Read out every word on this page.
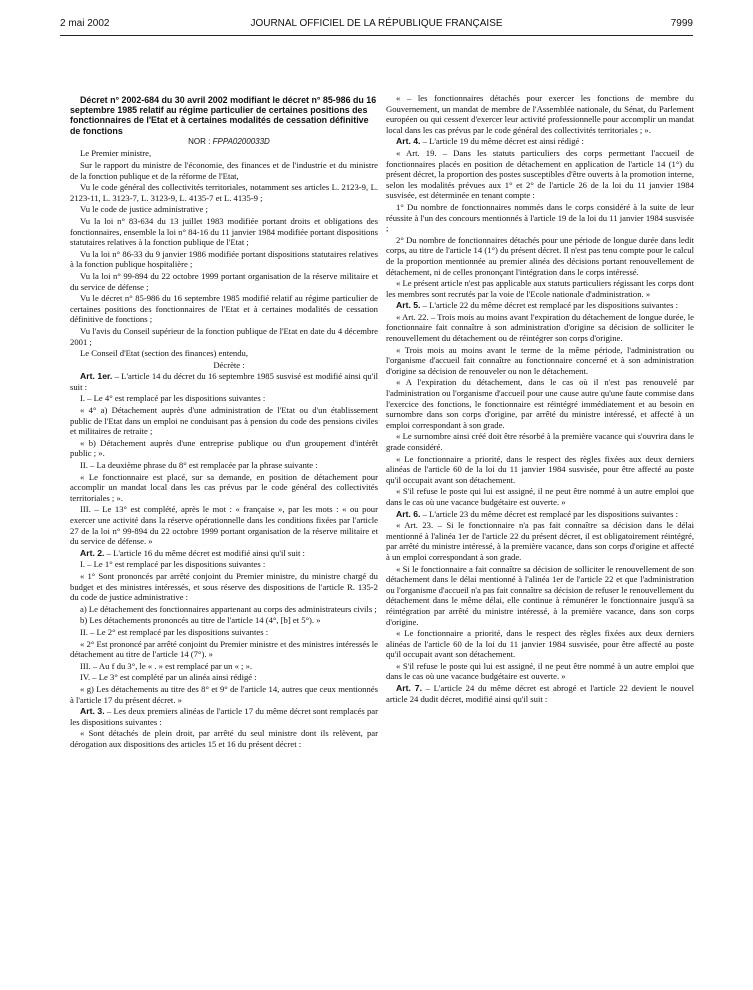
2 mai 2002	JOURNAL OFFICIEL DE LA RÉPUBLIQUE FRANÇAISE	7999

Décret n° 2002-684 du 30 avril 2002 modifiant le décret n° 85-986 du 16 septembre 1985 relatif au régime particulier de certaines positions des fonctionnaires de l'Etat et à certaines modalités de cessation définitive de fonctions

NOR : FPPA0200033D

Le Premier ministre,

Sur le rapport du ministre de l'économie, des finances et de l'industrie et du ministre de la fonction publique et de la réforme de l'Etat,

Vu le code général des collectivités territoriales, notamment ses articles L. 2123-9, L. 2123-11, L. 3123-7, L. 3123-9, L. 4135-7 et L. 4135-9 ;

Vu le code de justice administrative ;

Vu la loi n° 83-634 du 13 juillet 1983 modifiée portant droits et obligations des fonctionnaires, ensemble la loi n° 84-16 du 11 janvier 1984 modifiée portant dispositions statutaires relatives à la fonction publique de l'Etat ;

Vu la loi n° 86-33 du 9 janvier 1986 modifiée portant dispositions statutaires relatives à la fonction publique hospitalière ;

Vu la loi n° 99-894 du 22 octobre 1999 portant organisation de la réserve militaire et du service de défense ;

Vu le décret n° 85-986 du 16 septembre 1985 modifié relatif au régime particulier de certaines positions des fonctionnaires de l'Etat et à certaines modalités de cessation définitive de fonctions ;

Vu l'avis du Conseil supérieur de la fonction publique de l'Etat en date du 4 décembre 2001 ;

Le Conseil d'Etat (section des finances) entendu,

Décrète :

Art. 1er. – L'article 14 du décret du 16 septembre 1985 susvisé est modifié ainsi qu'il suit :

I. – Le 4° est remplacé par les dispositions suivantes :

« 4° a) Détachement auprès d'une administration de l'Etat ou d'un établissement public de l'Etat dans un emploi ne conduisant pas à pension du code des pensions civiles et militaires de retraite ;

« b) Détachement auprès d'une entreprise publique ou d'un groupement d'intérêt public ; ».

II. – La deuxième phrase du 8° est remplacée par la phrase suivante :

« Le fonctionnaire est placé, sur sa demande, en position de détachement pour accomplir un mandat local dans les cas prévus par le code général des collectivités territoriales ; ».

III. – Le 13° est complété, après le mot : « française », par les mots : « ou pour exercer une activité dans la réserve opérationnelle dans les conditions fixées par l'article 27 de la loi n° 99-894 du 22 octobre 1999 portant organisation de la réserve militaire et du service de défense. »

Art. 2. – L'article 16 du même décret est modifié ainsi qu'il suit :

I. – Le 1° est remplacé par les dispositions suivantes :

« 1° Sont prononcés par arrêté conjoint du Premier ministre, du ministre chargé du budget et des ministres intéressés, et sous réserve des dispositions de l'article R. 135-2 du code de justice administrative :

a) Le détachement des fonctionnaires appartenant au corps des administrateurs civils ;

b) Les détachements prononcés au titre de l'article 14 (4°, [b] et 5°). »

II. – Le 2° est remplacé par les dispositions suivantes :

« 2° Est prononcé par arrêté conjoint du Premier ministre et des ministres intéressés le détachement au titre de l'article 14 (7°). »

III. – Au f du 3°, le « . » est remplacé par un « ; ».

IV. – Le 3° est complété par un alinéa ainsi rédigé :

« g) Les détachements au titre des 8° et 9° de l'article 14, autres que ceux mentionnés à l'article 17 du présent décret. »

Art. 3. – Les deux premiers alinéas de l'article 17 du même décret sont remplacés par les dispositions suivantes :

« Sont détachés de plein droit, par arrêté du seul ministre dont ils relèvent, par dérogation aux dispositions des articles 15 et 16 du présent décret :

« – les fonctionnaires détachés pour exercer les fonctions de membre du Gouvernement, un mandat de membre de l'Assemblée nationale, du Sénat, du Parlement européen ou qui cessent d'exercer leur activité professionnelle pour accomplir un mandat local dans les cas prévus par le code général des collectivités territoriales ; ».

Art. 4. – L'article 19 du même décret est ainsi rédigé :

« Art. 19. – Dans les statuts particuliers des corps permettant l'accueil de fonctionnaires placés en position de détachement en application de l'article 14 (1°) du présent décret, la proportion des postes susceptibles d'être ouverts à la promotion interne, selon les modalités prévues aux 1° et 2° de l'article 26 de la loi du 11 janvier 1984 susvisée, est déterminée en tenant compte :

1° Du nombre de fonctionnaires nommés dans le corps considéré à la suite de leur réussite à l'un des concours mentionnés à l'article 19 de la loi du 11 janvier 1984 susvisée ;

2° Du nombre de fonctionnaires détachés pour une période de longue durée dans ledit corps, au titre de l'article 14 (1°) du présent décret. Il n'est pas tenu compte pour le calcul de la proportion mentionnée au premier alinéa des décisions portant renouvellement de détachement, ni de celles prononçant l'intégration dans le corps intéressé.

« Le présent article n'est pas applicable aux statuts particuliers régissant les corps dont les membres sont recrutés par la voie de l'Ecole nationale d'administration. »

Art. 5. – L'article 22 du même décret est remplacé par les dispositions suivantes :

« Art. 22. – Trois mois au moins avant l'expiration du détachement de longue durée, le fonctionnaire fait connaître à son administration d'origine sa décision de solliciter le renouvellement du détachement ou de réintégrer son corps d'origine.

« Trois mois au moins avant le terme de la même période, l'administration ou l'organisme d'accueil fait connaître au fonctionnaire concerné et à son administration d'origine sa décision de renouveler ou non le détachement.

« A l'expiration du détachement, dans le cas où il n'est pas renouvelé par l'administration ou l'organisme d'accueil pour une cause autre qu'une faute commise dans l'exercice des fonctions, le fonctionnaire est réintégré immédiatement et au besoin en surnombre dans son corps d'origine, par arrêté du ministre intéressé, et affecté à un emploi correspondant à son grade.

« Le surnombre ainsi créé doit être résorbé à la première vacance qui s'ouvrira dans le grade considéré.

« Le fonctionnaire a priorité, dans le respect des règles fixées aux deux derniers alinéas de l'article 60 de la loi du 11 janvier 1984 susvisée, pour être affecté au poste qu'il occupait avant son détachement.

« S'il refuse le poste qui lui est assigné, il ne peut être nommé à un autre emploi que dans le cas où une vacance budgétaire est ouverte. »

Art. 6. – L'article 23 du même décret est remplacé par les dispositions suivantes :

« Art. 23. – Si le fonctionnaire n'a pas fait connaître sa décision dans le délai mentionné à l'alinéa 1er de l'article 22 du présent décret, il est obligatoirement réintégré, par arrêté du ministre intéressé, à la première vacance, dans son corps d'origine et affecté à un emploi correspondant à son grade.

« Si le fonctionnaire a fait connaître sa décision de solliciter le renouvellement de son détachement dans le délai mentionné à l'alinéa 1er de l'article 22 et que l'administration ou l'organisme d'accueil n'a pas fait connaître sa décision de refuser le renouvellement du détachement dans le même délai, elle continue à rémunérer le fonctionnaire jusqu'à sa réintégration par arrêté du ministre intéressé, à la première vacance, dans son corps d'origine.

« Le fonctionnaire a priorité, dans le respect des règles fixées aux deux derniers alinéas de l'article 60 de la loi du 11 janvier 1984 susvisée, pour être affecté au poste qu'il occupait avant son détachement.

« S'il refuse le poste qui lui est assigné, il ne peut être nommé à un autre emploi que dans le cas où une vacance budgétaire est ouverte. »

Art. 7. – L'article 24 du même décret est abrogé et l'article 22 devient le nouvel article 24 dudit décret, modifié ainsi qu'il suit :
